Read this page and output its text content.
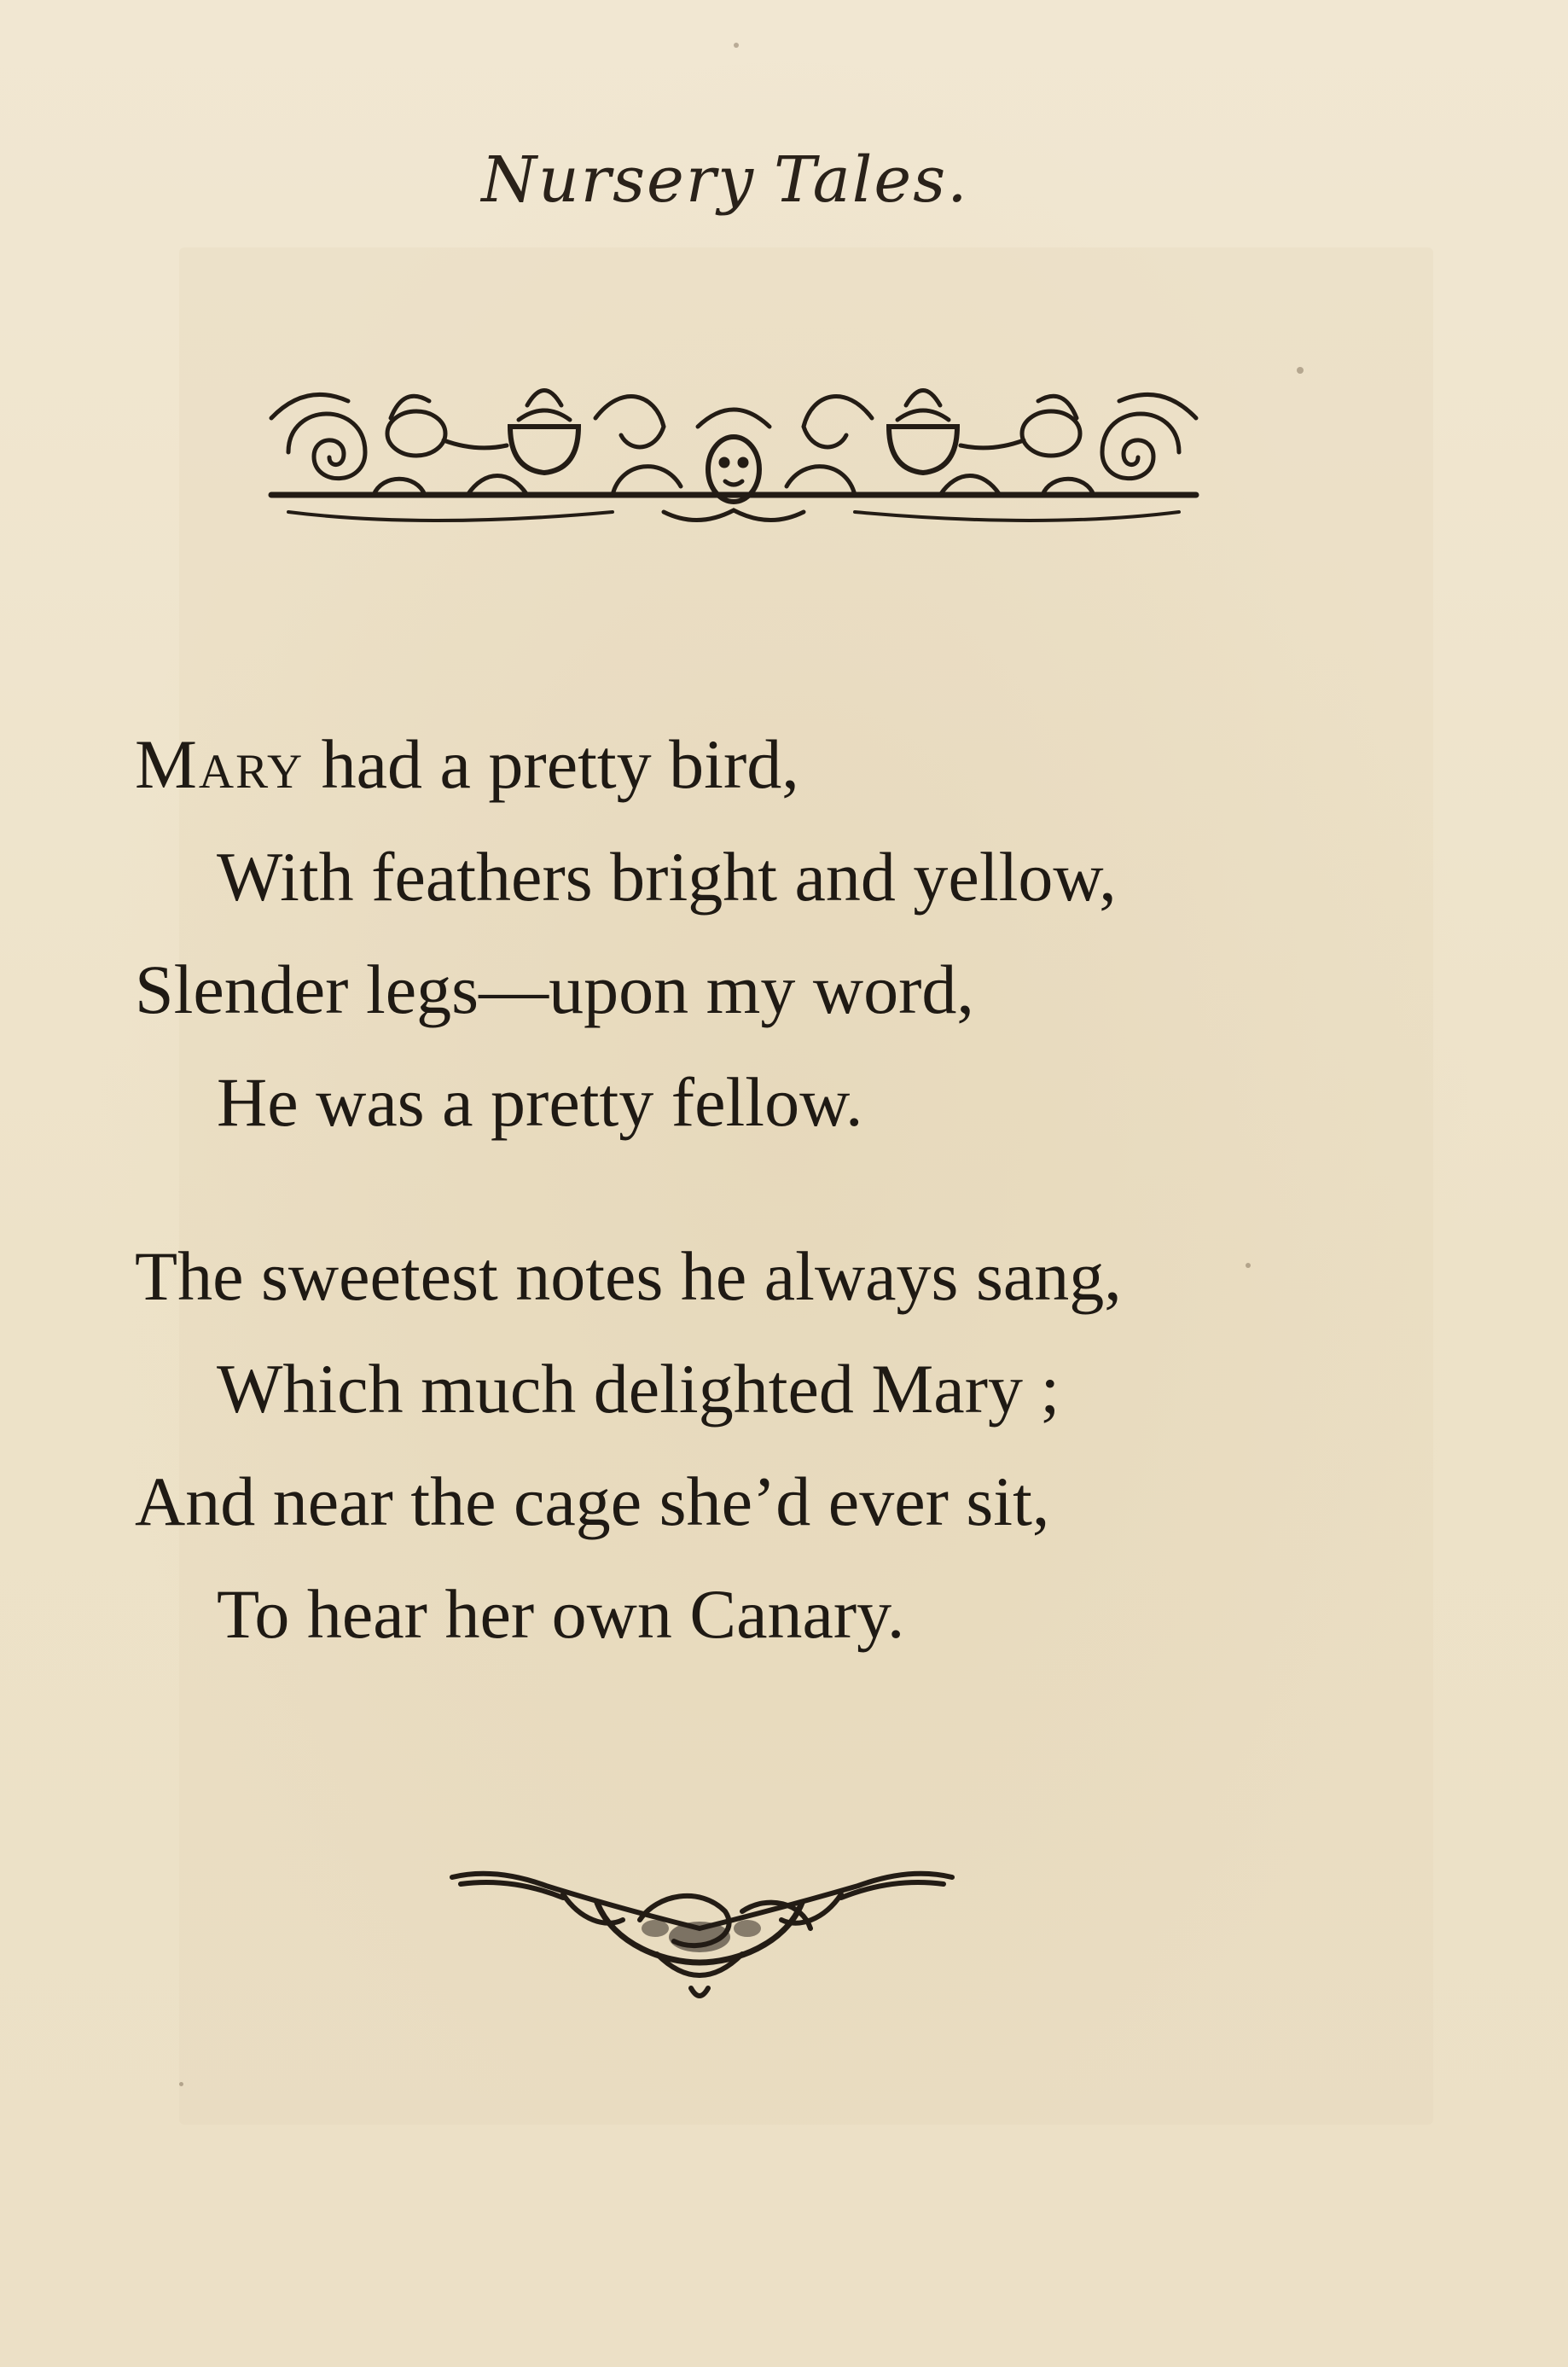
Nursery Tales.
Mary had a pretty bird,
With feathers bright and yellow,
Slender legs—upon my word,
He was a pretty fellow.
The sweetest notes he always sang,
Which much delighted Mary ;
And near the cage she’d ever sit,
To hear her own Canary.
